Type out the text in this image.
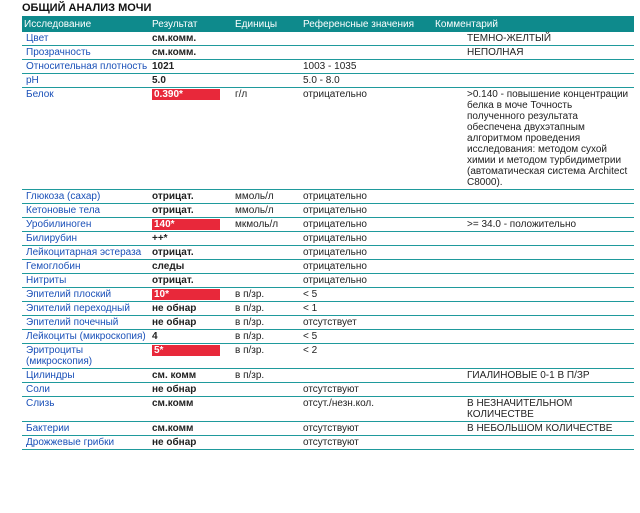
ОБЩИЙ АНАЛИЗ МОЧИ
Исследование	Результат	Единицы	Референсные значения	Комментарий
Цвет	см.комм.			ТЕМНО-ЖЕЛТЫЙ
Прозрачность	см.комм.			НЕПОЛНАЯ
Относительная плотность	1021		1003 - 1035	
pH	5.0		5.0 - 8.0	
Белок	0.390*	г/л	отрицательно	>0.140 - повышение концентрации белка в моче Точность полученного результата обеспечена двухэтапным алгоритмом проведения исследования: методом сухой химии и методом турбидиметрии (автоматическая система Architect C8000).
Глюкоза (сахар)	отрицат.	ммоль/л	отрицательно	
Кетоновые тела	отрицат.	ммоль/л	отрицательно	
Уробилиноген	140*	мкмоль/л	отрицательно	>= 34.0 - положительно
Билирубин	++*		отрицательно	
Лейкоцитарная эстераза	отрицат.		отрицательно	
Гемоглобин	следы		отрицательно	
Нитриты	отрицат.		отрицательно	
Эпителий плоский	10*	в п/зр.	< 5	
Эпителий переходный	не обнар	в п/зр.	< 1	
Эпителий почечный	не обнар	в п/зр.	отсутствует	
Лейкоциты (микроскопия)	4	в п/зр.	< 5	
Эритроциты (микроскопия)	5*	в п/зр.	< 2	
Цилиндры	см. комм	в п/зр.		ГИАЛИНОВЫЕ 0-1 В П/ЗР
Соли	не обнар		отсутствуют	
Слизь	см.комм		отсут./незн.кол.	В НЕЗНАЧИТЕЛЬНОМ КОЛИЧЕСТВЕ
Бактерии	см.комм		отсутствуют	В НЕБОЛЬШОМ КОЛИЧЕСТВЕ
Дрожжевые грибки	не обнар		отсутствуют	
